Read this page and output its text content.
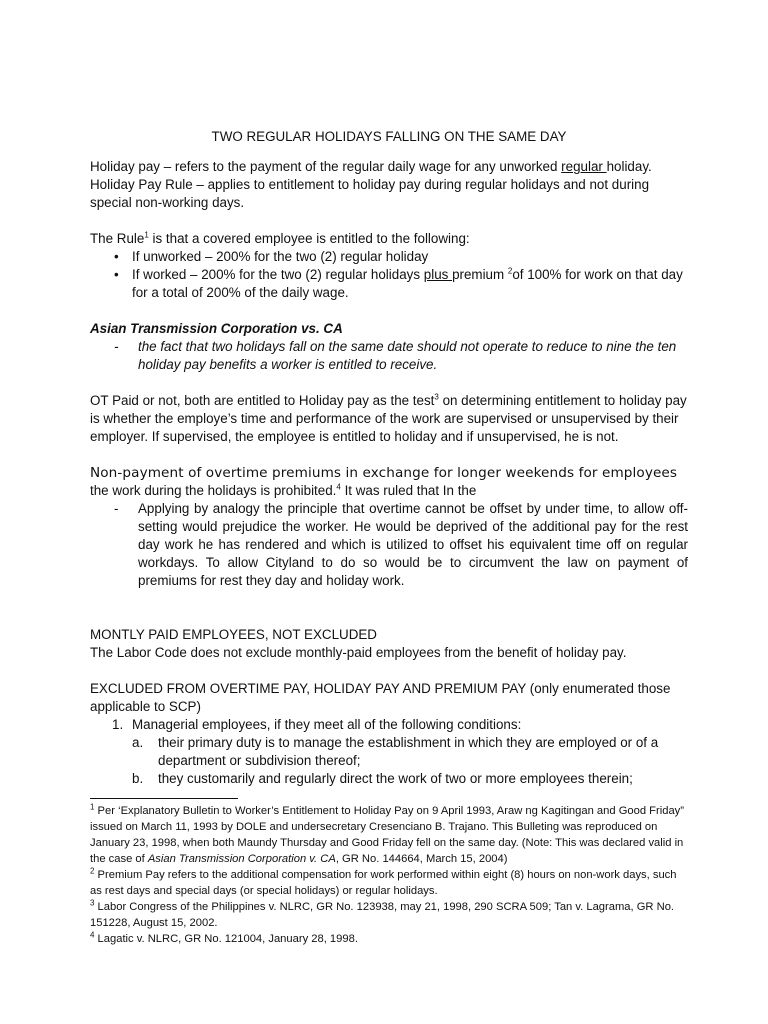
TWO REGULAR HOLIDAYS FALLING ON THE SAME DAY

Holiday pay – refers to the payment of the regular daily wage for any unworked regular holiday.

Holiday Pay Rule – applies to entitlement to holiday pay during regular holidays and not during special non-working days.

The Rule$^1$ is that a covered employee is entitled to the following:

• If unworked – 200% for the two (2) regular holiday
• If worked – 200% for the two (2) regular holidays plus premium $^2$of 100% for work on that day for a total of 200% of the daily wage.

Asian Transmission Corporation vs. CA

- the fact that two holidays fall on the same date should not operate to reduce to nine the ten holiday pay benefits a worker is entitled to receive.

OT Paid or not, both are entitled to Holiday pay as the test$^3$ on determining entitlement to holiday pay is whether the employe’s time and performance of the work are supervised or unsupervised by their employer. If supervised, the employee is entitled to holiday and if unsupervised, he is not.

Non-payment of overtime premiums in exchange for longer weekends for employees the work during the holidays is prohibited.$^4$ It was ruled that In the

- Applying by analogy the principle that overtime cannot be offset by under time, to allow off-setting would prejudice the worker. He would be deprived of the additional pay for the rest day work he has rendered and which is utilized to offset his equivalent time off on regular workdays. To allow Cityland to do so would be to circumvent the law on payment of premiums for rest they day and holiday work.

MONTLY PAID EMPLOYEES, NOT EXCLUDED

The Labor Code does not exclude monthly-paid employees from the benefit of holiday pay.

EXCLUDED FROM OVERTIME PAY, HOLIDAY PAY AND PREMIUM PAY (only enumerated those applicable to SCP)

1. Managerial employees, if they meet all of the following conditions:
a. their primary duty is to manage the establishment in which they are employed or of a department or subdivision thereof;
b. they customarily and regularly direct the work of two or more employees therein;

$^1$ Per ‘Explanatory Bulletin to Worker’s Entitlement to Holiday Pay on 9 April 1993, Araw ng Kagitingan and Good Friday” issued on March 11, 1993 by DOLE and undersecretary Cresenciano B. Trajano. This Bulleting was reproduced on January 23, 1998, when both Maundy Thursday and Good Friday fell on the same day. (Note: This was declared valid in the case of Asian Transmission Corporation v. CA, GR No. 144664, March 15, 2004)

$^2$ Premium Pay refers to the additional compensation for work performed within eight (8) hours on non-work days, such as rest days and special days (or special holidays) or regular holidays.

$^3$ Labor Congress of the Philippines v. NLRC, GR No. 123938, may 21, 1998, 290 SCRA 509; Tan v. Lagrama, GR No. 151228, August 15, 2002.

$^4$ Lagatic v. NLRC, GR No. 121004, January 28, 1998.
